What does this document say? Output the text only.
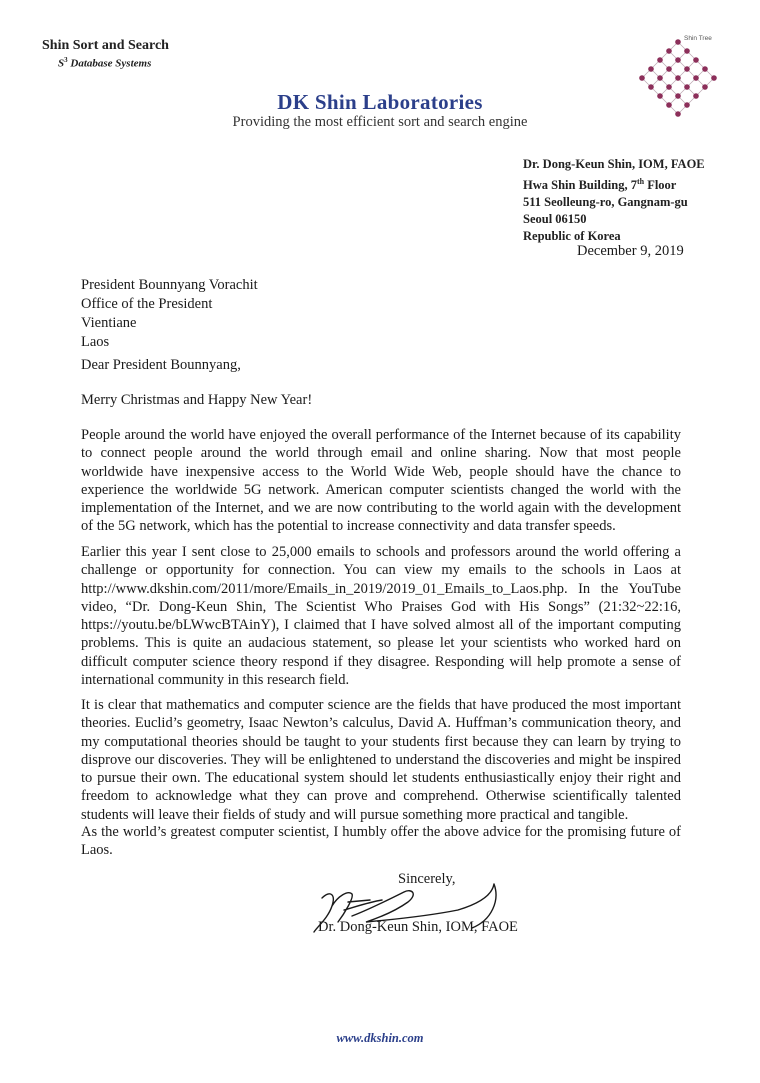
Shin Sort and Search
$S^3$ Database Systems
Shin Tree
DK Shin Laboratories
Providing the most efficient sort and search engine
Dr. Dong-Keun Shin, IOM, FAOE
Hwa Shin Building, 7th Floor
511 Seolleung-ro, Gangnam-gu
Seoul 06150
Republic of Korea
December 9, 2019
President Bounnyang Vorachit
Office of the President
Vientiane
Laos
Dear President Bounnyang,
Merry Christmas and Happy New Year!
People around the world have enjoyed the overall performance of the Internet because of its capability to connect people around the world through email and online sharing. Now that most people worldwide have inexpensive access to the World Wide Web, people should have the chance to experience the worldwide 5G network. American computer scientists changed the world with the implementation of the Internet, and we are now contributing to the world again with the development of the 5G network, which has the potential to increase connectivity and data transfer speeds.
Earlier this year I sent close to 25,000 emails to schools and professors around the world offering a challenge or opportunity for connection. You can view my emails to the schools in Laos at http://www.dkshin.com/2011/more/Emails_in_2019/2019_01_Emails_to_Laos.php. In the YouTube video, “Dr. Dong-Keun Shin, The Scientist Who Praises God with His Songs” (21:32~22:16, https://youtu.be/bLWwcBTAinY), I claimed that I have solved almost all of the important computing problems. This is quite an audacious statement, so please let your scientists who worked hard on difficult computer science theory respond if they disagree. Responding will help promote a sense of international community in this research field.
It is clear that mathematics and computer science are the fields that have produced the most important theories. Euclid’s geometry, Isaac Newton’s calculus, David A. Huffman’s communication theory, and my computational theories should be taught to your students first because they can learn by trying to disprove our discoveries. They will be enlightened to understand the discoveries and might be inspired to pursue their own. The educational system should let students enthusiastically enjoy their right and freedom to acknowledge what they can prove and comprehend. Otherwise scientifically talented students will leave their fields of study and will pursue something more practical and tangible.
As the world’s greatest computer scientist, I humbly offer the above advice for the promising future of Laos.
Sincerely,
Dr. Dong-Keun Shin, IOM, FAOE
www.dkshin.com
